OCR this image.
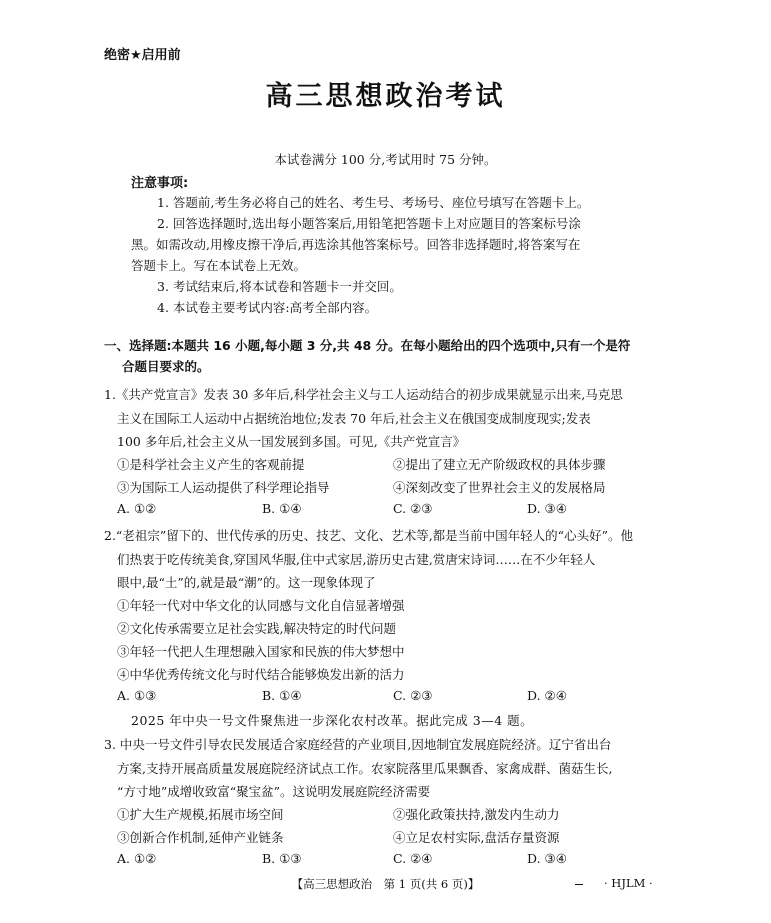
绝密★启用前
高三思想政治考试
本试卷满分 100 分,考试用时 75 分钟。
注意事项:
1. 答题前,考生务必将自己的姓名、考生号、考场号、座位号填写在答题卡上。
2. 回答选择题时,选出每小题答案后,用铅笔把答题卡上对应题目的答案标号涂
黑。如需改动,用橡皮擦干净后,再选涂其他答案标号。回答非选择题时,将答案写在
答题卡上。写在本试卷上无效。
3. 考试结束后,将本试卷和答题卡一并交回。
4. 本试卷主要考试内容:高考全部内容。
一、选择题:本题共 16 小题,每小题 3 分,共 48 分。在每小题给出的四个选项中,只有一个是符
合题目要求的。
1.《共产党宣言》发表 30 多年后,科学社会主义与工人运动结合的初步成果就显示出来,马克思
主义在国际工人运动中占据统治地位;发表 70 年后,社会主义在俄国变成制度现实;发表
100 多年后,社会主义从一国发展到多国。可见,《共产党宣言》
①是科学社会主义产生的客观前提	②提出了建立无产阶级政权的具体步骤
③为国际工人运动提供了科学理论指导	④深刻改变了世界社会主义的发展格局
A. ①②	B. ①④	C. ②③	D. ③④
2.“老祖宗”留下的、世代传承的历史、技艺、文化、艺术等,都是当前中国年轻人的“心头好”。他
们热衷于吃传统美食,穿国风华服,住中式家居,游历史古建,赏唐宋诗词……在不少年轻人
眼中,最“土”的,就是最“潮”的。这一现象体现了
①年轻一代对中华文化的认同感与文化自信显著增强
②文化传承需要立足社会实践,解决特定的时代问题
③年轻一代把人生理想融入国家和民族的伟大梦想中
④中华优秀传统文化与时代结合能够焕发出新的活力
A. ①③	B. ①④	C. ②③	D. ②④
2025 年中央一号文件聚焦进一步深化农村改革。据此完成 3—4 题。
3. 中央一号文件引导农民发展适合家庭经营的产业项目,因地制宜发展庭院经济。辽宁省出台
方案,支持开展高质量发展庭院经济试点工作。农家院落里瓜果飘香、家禽成群、菌菇生长,
“方寸地”成增收致富“聚宝盆”。这说明发展庭院经济需要
①扩大生产规模,拓展市场空间	②强化政策扶持,激发内生动力
③创新合作机制,延伸产业链条	④立足农村实际,盘活存量资源
A. ①②	B. ①③	C. ②④	D. ③④
【高三思想政治　第 1 页(共 6 页)】	· HJLM ·
